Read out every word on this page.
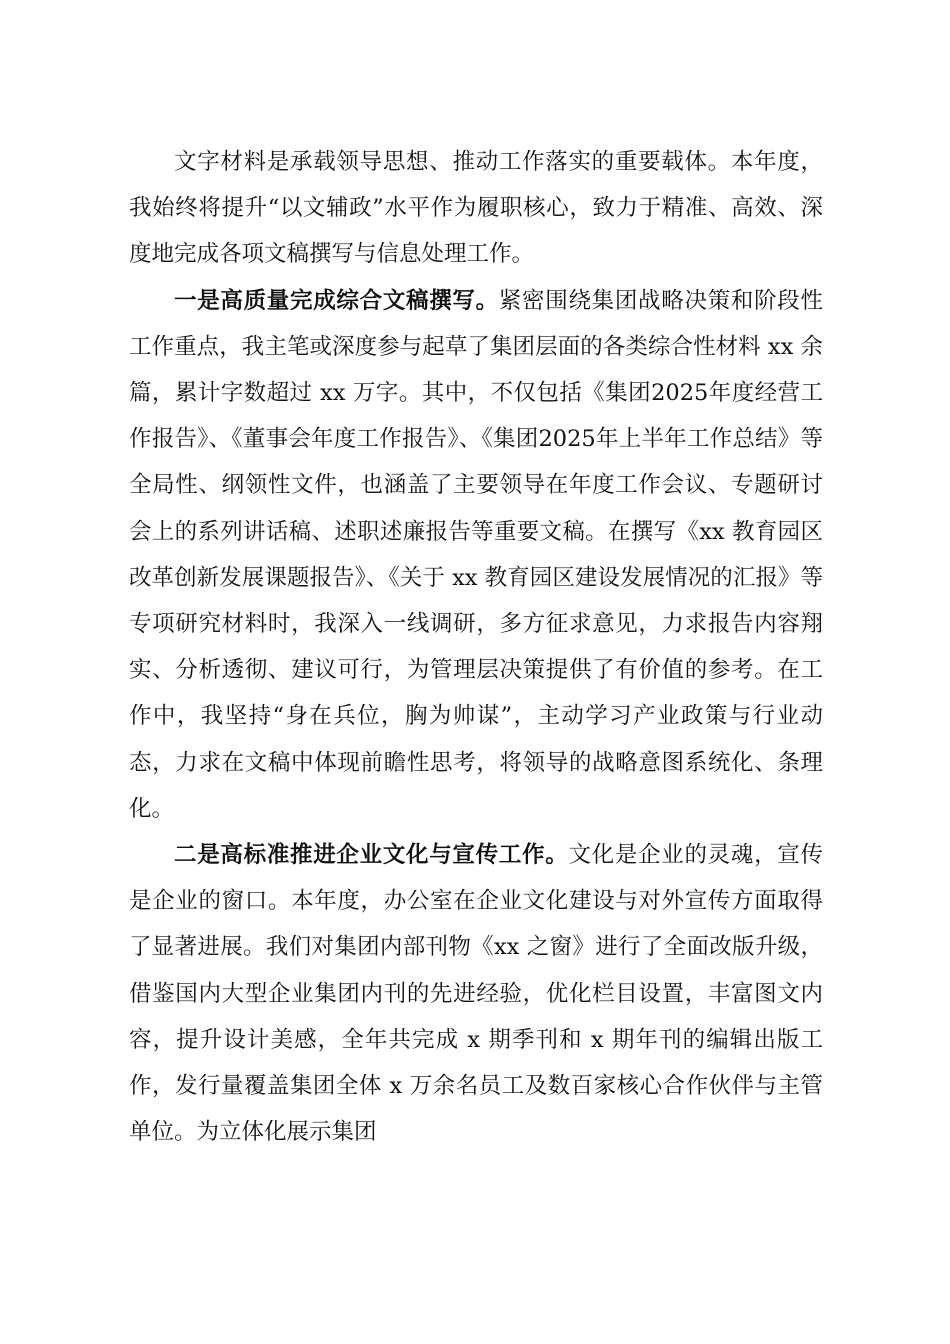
文字材料是承载领导思想、推动工作落实的重要载体。本年度，我始终将提升“以文辅政”水平作为履职核心，致力于精准、高效、深度地完成各项文稿撰写与信息处理工作。

一是高质量完成综合文稿撰写。紧密围绕集团战略决策和阶段性工作重点，我主笔或深度参与起草了集团层面的各类综合性材料 xx 余篇，累计字数超过 xx 万字。其中，不仅包括《集团2025年度经营工作报告》、《董事会年度工作报告》、《集团2025年上半年工作总结》等全局性、纲领性文件，也涵盖了主要领导在年度工作会议、专题研讨会上的系列讲话稿、述职述廉报告等重要文稿。在撰写《xx 教育园区改革创新发展课题报告》、《关于 xx 教育园区建设发展情况的汇报》等专项研究材料时，我深入一线调研，多方征求意见，力求报告内容翔实、分析透彻、建议可行，为管理层决策提供了有价值的参考。在工作中，我坚持“身在兵位，胸为帅谋”，主动学习产业政策与行业动态，力求在文稿中体现前瞻性思考，将领导的战略意图系统化、条理化。

二是高标准推进企业文化与宣传工作。文化是企业的灵魂，宣传是企业的窗口。本年度，办公室在企业文化建设与对外宣传方面取得了显著进展。我们对集团内部刊物《xx 之窗》进行了全面改版升级，借鉴国内大型企业集团内刊的先进经验，优化栏目设置，丰富图文内容，提升设计美感，全年共完成 x 期季刊和 x 期年刊的编辑出版工作，发行量覆盖集团全体 x 万余名员工及数百家核心合作伙伴与主管单位。为立体化展示集团
